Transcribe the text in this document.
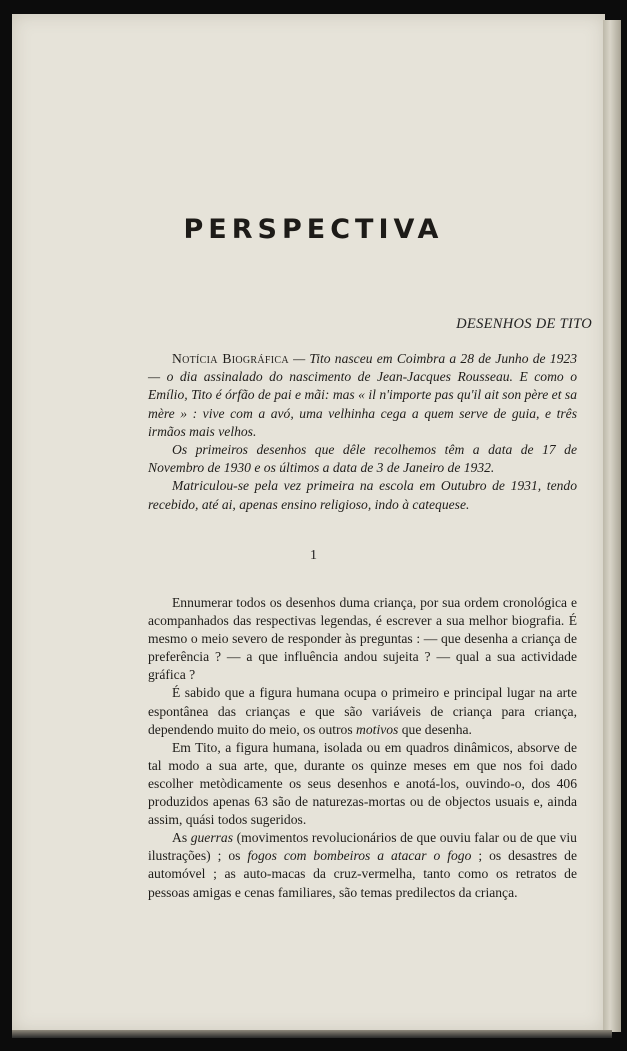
PERSPECTIVA
DESENHOS DE TITO

Notícia Biográfica — Tito nasceu em Coimbra a 28 de Junho de 1923 — o dia assinalado do nascimento de Jean-Jacques Rousseau. E como o Emílio, Tito é órfão de pai e mãi: mas « il n'importe pas qu'il ait son père et sa mère » : vive com a avó, uma velhinha cega a quem serve de guia, e três irmãos mais velhos.

Os primeiros desenhos que dêle recolhemos têm a data de 17 de Novembro de 1930 e os últimos a data de 3 de Janeiro de 1932.

Matriculou-se pela vez primeira na escola em Outubro de 1931, tendo recebido, até ai, apenas ensino religioso, indo à catequese.

1

Ennumerar todos os desenhos duma criança, por sua ordem cronológica e acompanhados das respectivas legendas, é escrever a sua melhor biografia. É mesmo o meio severo de responder às preguntas : — que desenha a criança de preferência ? — a que influência andou sujeita ? — qual a sua actividade gráfica ?

É sabido que a figura humana ocupa o primeiro e principal lugar na arte espontânea das crianças e que são variáveis de criança para criança, dependendo muito do meio, os outros motivos que desenha.

Em Tito, a figura humana, isolada ou em quadros dinâmicos, absorve de tal modo a sua arte, que, durante os quinze meses em que nos foi dado escolher metòdicamente os seus desenhos e anotá-los, ouvindo-o, dos 406 produzidos apenas 63 são de naturezas-mortas ou de objectos usuais e, ainda assim, quási todos sugeridos.

As guerras (movimentos revolucionários de que ouviu falar ou de que viu ilustrações) ; os fogos com bombeiros a atacar o fogo ; os desastres de automóvel ; as auto-macas da cruz-vermelha, tanto como os retratos de pessoas amigas e cenas familiares, são temas predilectos da criança.
